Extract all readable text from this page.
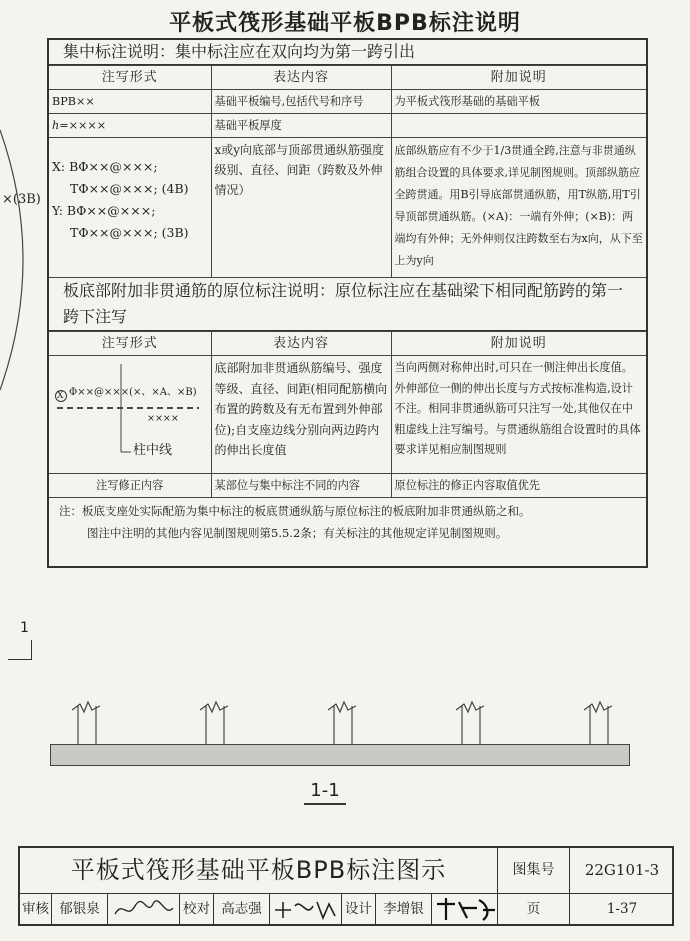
平板式筏形基础平板BPB标注说明
×(3B)
1
集中标注说明：集中标注应在双向均为第一跨引出
注写形式	表达内容	附加说明
BPB××	基础平板编号,包括代号和序号	为平板式筏形基础的基础平板
h=××××	基础平板厚度	

X: BΦ××@×××;
TΦ××@×××; (4B)
Y: BΦ××@×××;
TΦ××@×××; (3B)	x或y向底部与顶部贯通纵筋强度级别、直径、间距（跨数及外伸情况）	底部纵筋应有不少于1/3贯通全跨,注意与非贯通纵筋组合设置的具体要求,详见制图规则。顶部纵筋应全跨贯通。用B引导底部贯通纵筋，用T纵筋,用T引导顶部贯通纵筋。(×A)：一端有外伸；(×B)：两端均有外伸；无外伸则仅注跨数至右为x向，从下至上为y向
板底部附加非贯通筋的原位标注说明：原位标注应在基础梁下相同配筋跨的第一跨下注写
注写形式	表达内容	附加说明

X Φ××@×××(×、×A、×B)
××××
柱中线	底部附加非贯通纵筋编号、强度等级、直径、间距(相同配筋横向布置的跨数及有无布置到外伸部位);自支座边线分别向两边跨内的伸出长度值	当向两侧对称伸出时,可只在一侧注伸出长度值。外伸部位一侧的伸出长度与方式按标准构造,设计不注。相同非贯通纵筋可只注写一处,其他仅在中粗虚线上注写编号。与贯通纵筋组合设置时的具体要求详见相应制图规则
注写修正内容	某部位与集中标注不同的内容	原位标注的修正内容取值优先
注：板底支座处实际配筋为集中标注的板底贯通纵筋与原位标注的板底附加非贯通纵筋之和。
图注中注明的其他内容见制图规则第5.5.2条；有关标注的其他规定详见制图规则。
1-1
平板式筏形基础平板BPB标注图示	图集号	22G101-3
审核 郁银泉	校对 高志强	设计 李增银	页	1-37
